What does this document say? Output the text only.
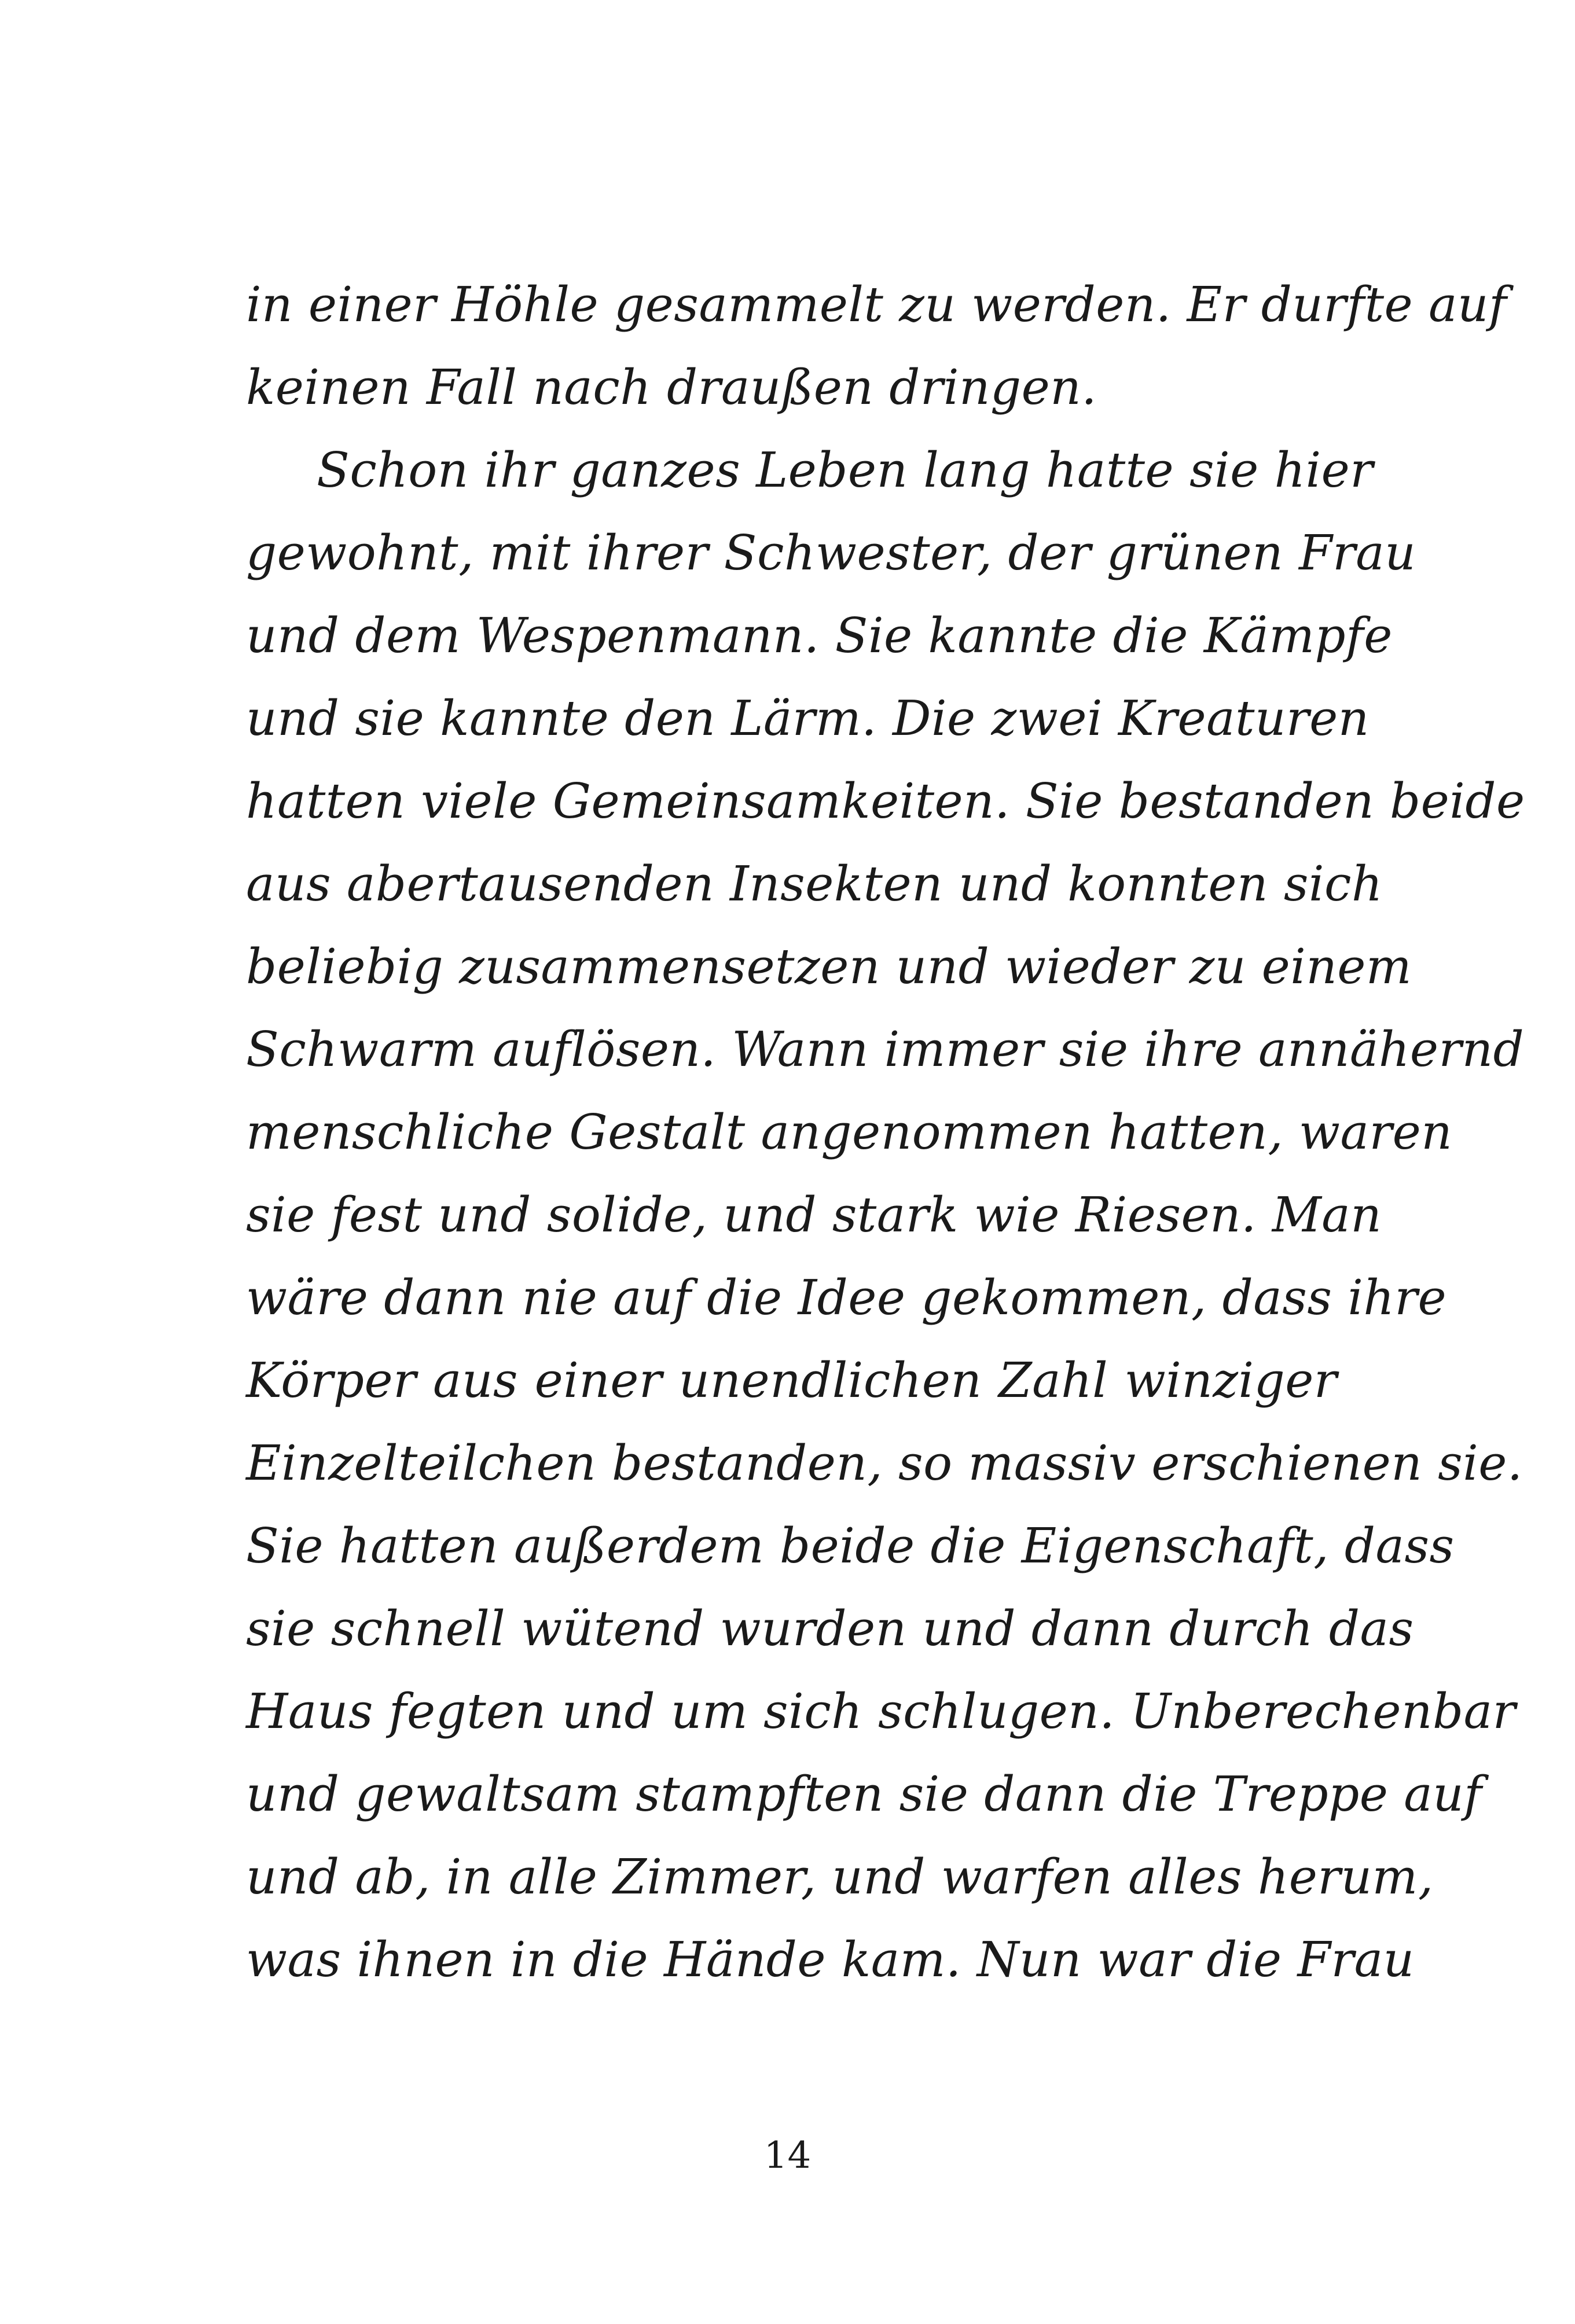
in einer Höhle gesammelt zu werden. Er durfte auf
keinen Fall nach draußen dringen.
Schon ihr ganzes Leben lang hatte sie hier
gewohnt, mit ihrer Schwester, der grünen Frau
und dem Wespenmann. Sie kannte die Kämpfe
und sie kannte den Lärm. Die zwei Kreaturen
hatten viele Gemeinsamkeiten. Sie bestanden beide
aus abertausenden Insekten und konnten sich
beliebig zusammensetzen und wieder zu einem
Schwarm auflösen. Wann immer sie ihre annähernd
menschliche Gestalt angenommen hatten, waren
sie fest und solide, und stark wie Riesen. Man
wäre dann nie auf die Idee gekommen, dass ihre
Körper aus einer unendlichen Zahl winziger
Einzelteilchen bestanden, so massiv erschienen sie.
Sie hatten außerdem beide die Eigenschaft, dass
sie schnell wütend wurden und dann durch das
Haus fegten und um sich schlugen. Unberechenbar
und gewaltsam stampften sie dann die Treppe auf
und ab, in alle Zimmer, und warfen alles herum,
was ihnen in die Hände kam. Nun war die Frau
14
